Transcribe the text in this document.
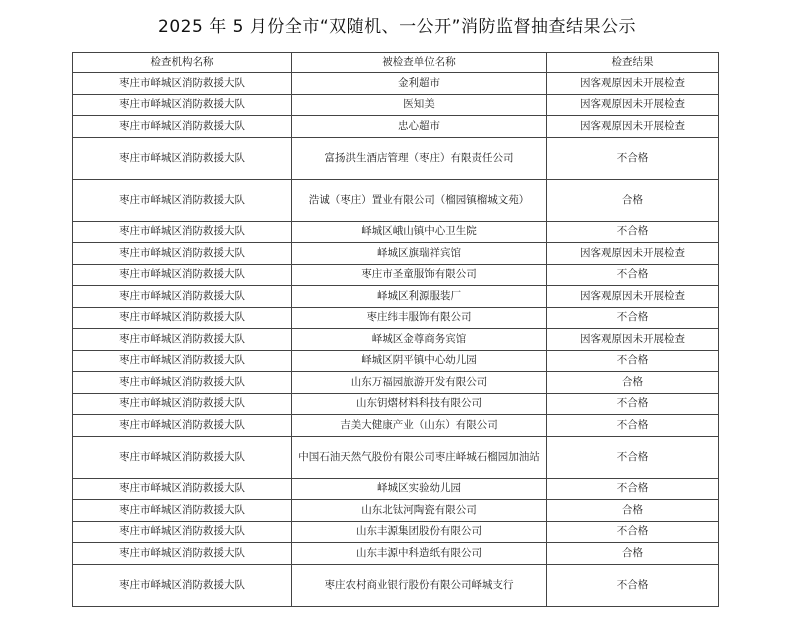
2025 年 5 月份全市“双随机、一公开”消防监督抽查结果公示
检查机构名称	被检查单位名称	检查结果
枣庄市峄城区消防救援大队	金利超市	因客观原因未开展检查
枣庄市峄城区消防救援大队	医知美	因客观原因未开展检查
枣庄市峄城区消防救援大队	忠心超市	因客观原因未开展检查
枣庄市峄城区消防救援大队	富扬洪生酒店管理（枣庄）有限责任公司	不合格
枣庄市峄城区消防救援大队	浩诚（枣庄）置业有限公司（榴园镇榴城文苑）	合格
枣庄市峄城区消防救援大队	峄城区峨山镇中心卫生院	不合格
枣庄市峄城区消防救援大队	峄城区旗瑞祥宾馆	因客观原因未开展检查
枣庄市峄城区消防救援大队	枣庄市圣童服饰有限公司	不合格
枣庄市峄城区消防救援大队	峄城区利源服装厂	因客观原因未开展检查
枣庄市峄城区消防救援大队	枣庄纬丰服饰有限公司	不合格
枣庄市峄城区消防救援大队	峄城区金尊商务宾馆	因客观原因未开展检查
枣庄市峄城区消防救援大队	峄城区阴平镇中心幼儿园	不合格
枣庄市峄城区消防救援大队	山东万福园旅游开发有限公司	合格
枣庄市峄城区消防救援大队	山东钥熠材料科技有限公司	不合格
枣庄市峄城区消防救援大队	吉美大健康产业（山东）有限公司	不合格
枣庄市峄城区消防救援大队	中国石油天然气股份有限公司枣庄峄城石榴园加油站	不合格
枣庄市峄城区消防救援大队	峄城区实验幼儿园	不合格
枣庄市峄城区消防救援大队	山东北钛河陶瓷有限公司	合格
枣庄市峄城区消防救援大队	山东丰源集团股份有限公司	不合格
枣庄市峄城区消防救援大队	山东丰源中科造纸有限公司	合格
枣庄市峄城区消防救援大队	枣庄农村商业银行股份有限公司峄城支行	不合格
